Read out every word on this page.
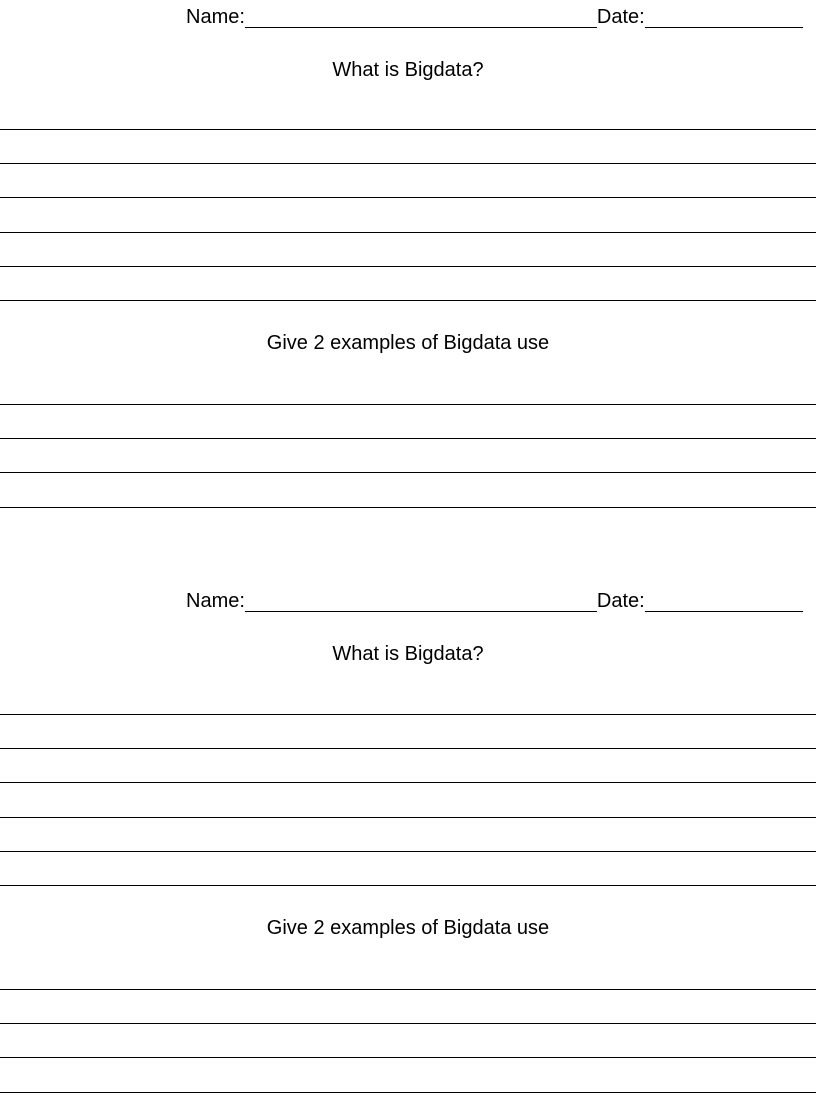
Name:	Date:
What is Bigdata?
Give 2 examples of Bigdata use
Name:	Date:
What is Bigdata?
Give 2 examples of Bigdata use
